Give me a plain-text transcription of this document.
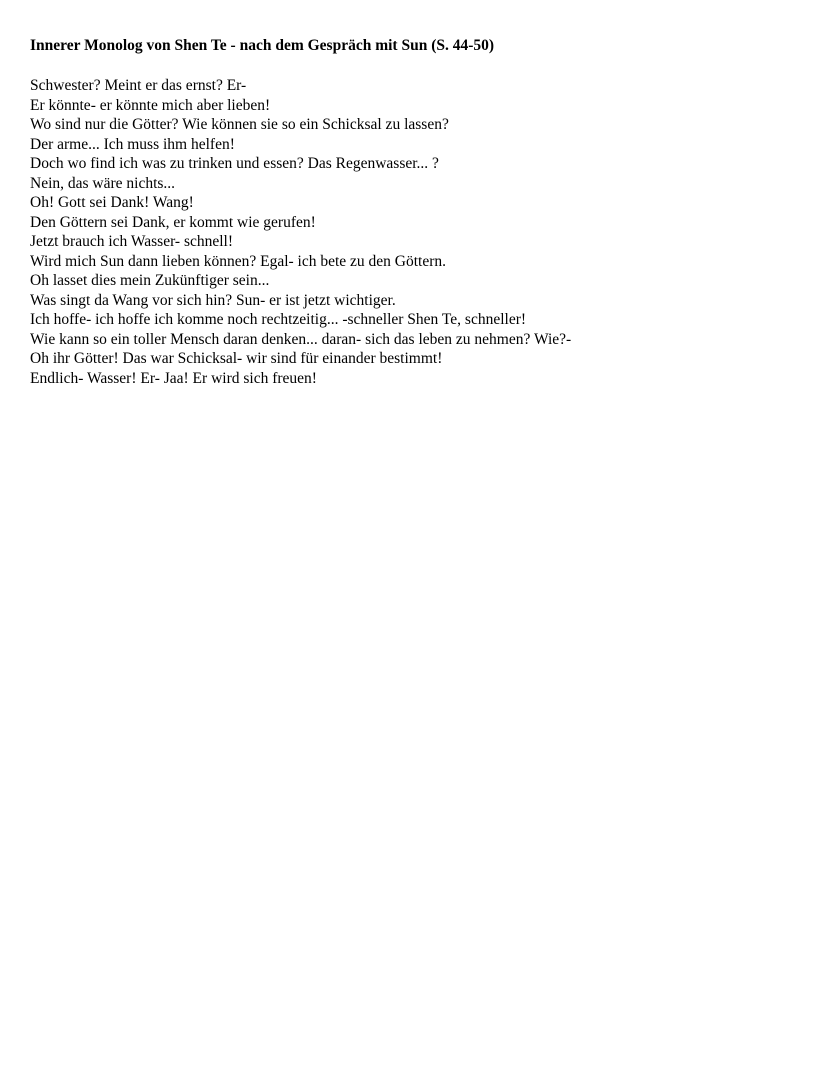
Innerer Monolog von Shen Te - nach dem Gespräch mit Sun (S. 44-50)
Schwester? Meint er das ernst? Er-
Er könnte- er könnte mich aber lieben!
Wo sind nur die Götter? Wie können sie so ein Schicksal zu lassen?
Der arme... Ich muss ihm helfen!
Doch wo find ich was zu trinken und essen? Das Regenwasser... ?
Nein, das wäre nichts...
Oh! Gott sei Dank! Wang!
Den Göttern sei Dank, er kommt wie gerufen!
Jetzt brauch ich Wasser- schnell!
Wird mich Sun dann lieben können? Egal- ich bete zu den Göttern.
Oh lasset dies mein Zukünftiger sein...
Was singt da Wang vor sich hin? Sun- er ist jetzt wichtiger.
Ich hoffe- ich hoffe ich komme noch rechtzeitig... -schneller Shen Te, schneller!
Wie kann so ein toller Mensch daran denken... daran- sich das leben zu nehmen? Wie?-
Oh ihr Götter! Das war Schicksal- wir sind für einander bestimmt!
Endlich- Wasser! Er- Jaa! Er wird sich freuen!
